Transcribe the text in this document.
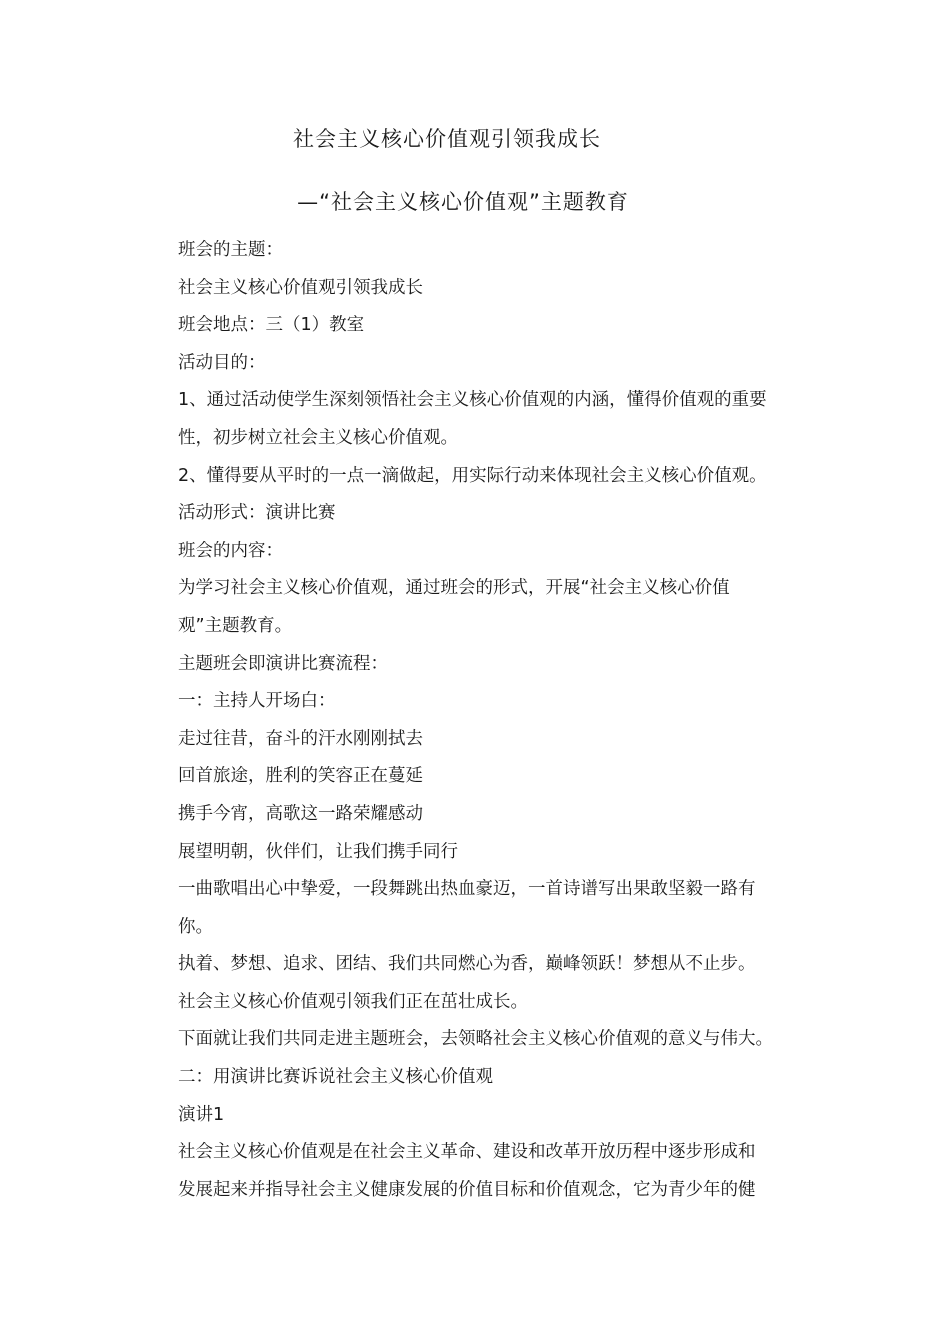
社会主义核心价值观引领我成长
—“社会主义核心价值观”主题教育
班会的主题：
社会主义核心价值观引领我成长
班会地点：三（1）教室
活动目的：
1、通过活动使学生深刻领悟社会主义核心价值观的内涵，懂得价值观的重要
性，初步树立社会主义核心价值观。
2、懂得要从平时的一点一滴做起，用实际行动来体现社会主义核心价值观。
活动形式：演讲比赛
班会的内容：
为学习社会主义核心价值观，通过班会的形式，开展“社会主义核心价值
观”主题教育。
主题班会即演讲比赛流程：
一：主持人开场白：
走过往昔，奋斗的汗水刚刚拭去
回首旅途，胜利的笑容正在蔓延
携手今宵，高歌这一路荣耀感动
展望明朝，伙伴们，让我们携手同行
一曲歌唱出心中挚爱，一段舞跳出热血豪迈，一首诗谱写出果敢坚毅一路有
你。
执着、梦想、追求、团结、我们共同燃心为香，巅峰领跃！梦想从不止步。
社会主义核心价值观引领我们正在茁壮成长。
下面就让我们共同走进主题班会，去领略社会主义核心价值观的意义与伟大。
二：用演讲比赛诉说社会主义核心价值观
演讲1
社会主义核心价值观是在社会主义革命、建设和改革开放历程中逐步形成和
发展起来并指导社会主义健康发展的价值目标和价值观念，它为青少年的健
